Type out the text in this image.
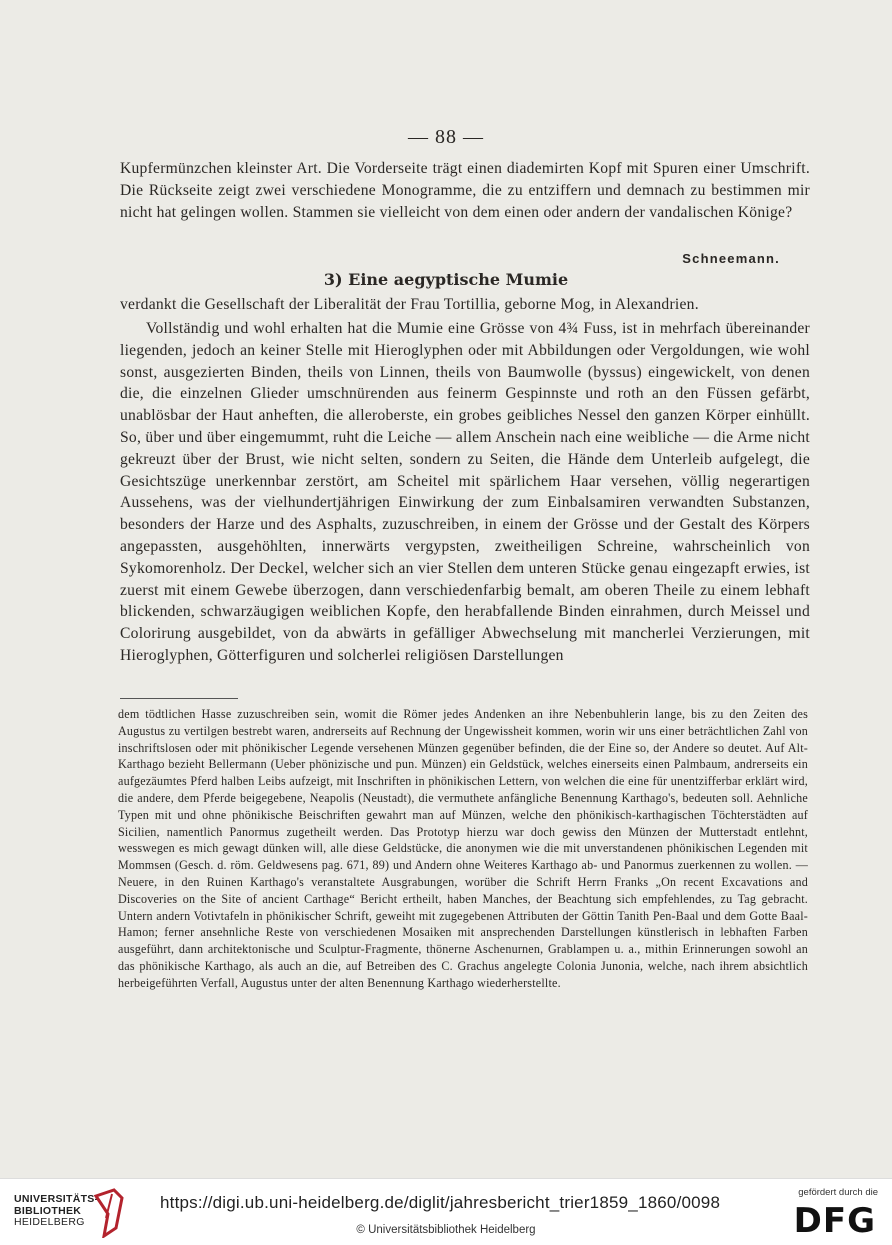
— 88 —
Kupfermünzchen kleinster Art. Die Vorderseite trägt einen diademirten Kopf mit Spuren einer Umschrift. Die Rückseite zeigt zwei verschiedene Monogramme, die zu entziffern und demnach zu bestimmen mir nicht hat gelingen wollen. Stammen sie vielleicht von dem einen oder andern der vandalischen Könige?
Schneemann.
3) Eine aegyptische Mumie
verdankt die Gesellschaft der Liberalität der Frau Tortillia, geborne Mog, in Alexandrien.
Vollständig und wohl erhalten hat die Mumie eine Grösse von 4¾ Fuss, ist in mehrfach übereinander liegenden, jedoch an keiner Stelle mit Hieroglyphen oder mit Abbildungen oder Vergoldungen, wie wohl sonst, ausgezierten Binden, theils von Linnen, theils von Baumwolle (byssus) eingewickelt, von denen die, die einzelnen Glieder umschnürenden aus feinerm Gespinnste und roth an den Füssen gefärbt, unablösbar der Haut anheften, die alleroberste, ein grobes geibliches Nessel den ganzen Körper einhüllt. So, über und über eingemummt, ruht die Leiche — allem Anschein nach eine weibliche — die Arme nicht gekreuzt über der Brust, wie nicht selten, sondern zu Seiten, die Hände dem Unterleib aufgelegt, die Gesichtszüge unerkennbar zerstört, am Scheitel mit spärlichem Haar versehen, völlig negerartigen Aussehens, was der vielhundertjährigen Einwirkung der zum Einbalsamiren verwandten Substanzen, besonders der Harze und des Asphalts, zuzuschreiben, in einem der Grösse und der Gestalt des Körpers angepassten, ausgehöhlten, innerwärts vergypsten, zweitheiligen Schreine, wahrscheinlich von Sykomorenholz. Der Deckel, welcher sich an vier Stellen dem unteren Stücke genau eingezapft erwies, ist zuerst mit einem Gewebe überzogen, dann verschiedenfarbig bemalt, am oberen Theile zu einem lebhaft blickenden, schwarzäugigen weiblichen Kopfe, den herabfallende Binden einrahmen, durch Meissel und Colorirung ausgebildet, von da abwärts in gefälliger Abwechselung mit mancherlei Verzierungen, mit Hieroglyphen, Götterfiguren und solcherlei religiösen Darstellungen
dem tödtlichen Hasse zuzuschreiben sein, womit die Römer jedes Andenken an ihre Nebenbuhlerin lange, bis zu den Zeiten des Augustus zu vertilgen bestrebt waren, andrerseits auf Rechnung der Ungewissheit kommen, worin wir uns einer beträchtlichen Zahl von inschriftslosen oder mit phönikischer Legende versehenen Münzen gegenüber befinden, die der Eine so, der Andere so deutet. Auf Alt-Karthago bezieht Bellermann (Ueber phönizische und pun. Münzen) ein Geldstück, welches einerseits einen Palmbaum, andrerseits ein aufgezäumtes Pferd halben Leibs aufzeigt, mit Inschriften in phönikischen Lettern, von welchen die eine für unentzifferbar erklärt wird, die andere, dem Pferde beigegebene, Neapolis (Neustadt), die vermuthete anfängliche Benennung Karthago's, bedeuten soll. Aehnliche Typen mit und ohne phönikische Beischriften gewahrt man auf Münzen, welche den phönikisch-karthagischen Töchterstädten auf Sicilien, namentlich Panormus zugetheilt werden. Das Prototyp hierzu war doch gewiss den Münzen der Mutterstadt entlehnt, wesswegen es mich gewagt dünken will, alle diese Geldstücke, die anonymen wie die mit unverstandenen phönikischen Legenden mit Mommsen (Gesch. d. röm. Geldwesens pag. 671, 89) und Andern ohne Weiteres Karthago ab- und Panormus zuerkennen zu wollen. — Neuere, in den Ruinen Karthago's veranstaltete Ausgrabungen, worüber die Schrift Herrn Franks „On recent Excavations and Discoveries on the Site of ancient Carthage“ Bericht ertheilt, haben Manches, der Beachtung sich empfehlendes, zu Tag gebracht. Untern andern Votivtafeln in phönikischer Schrift, geweiht mit zugegebenen Attributen der Göttin Tanith Pen-Baal und dem Gotte Baal-Hamon; ferner ansehnliche Reste von verschiedenen Mosaiken mit ansprechenden Darstellungen künstlerisch in lebhaften Farben ausgeführt, dann architektonische und Sculptur-Fragmente, thönerne Aschenurnen, Grablampen u. a., mithin Erinnerungen sowohl an das phönikische Karthago, als auch an die, auf Betreiben des C. Grachus angelegte Colonia Junonia, welche, nach ihrem absichtlich herbeigeführten Verfall, Augustus unter der alten Benennung Karthago wiederherstellte.
UNIVERSITÄTS-
BIBLIOTHEK
HEIDELBERG
https://digi.ub.uni-heidelberg.de/diglit/jahresbericht_trier1859_1860/0098
© Universitätsbibliothek Heidelberg
gefördert durch die
DFG
